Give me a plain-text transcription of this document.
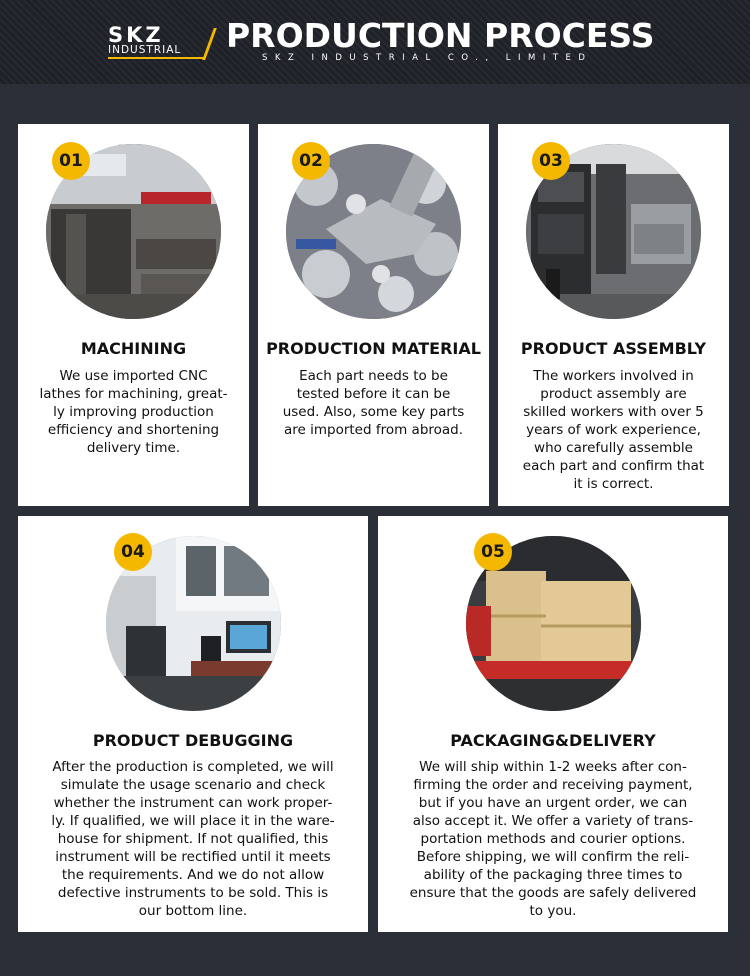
SKZ
INDUSTRIAL PRODUCTION PROCESS
SKZ INDUSTRIAL CO., LIMITED
01
MACHINING
We use imported CNC
lathes for machining, great-
ly improving production
efficiency and shortening
delivery time.
02
PRODUCTION MATERIAL
Each part needs to be
tested before it can be
used. Also, some key parts
are imported from abroad.
03
PRODUCT ASSEMBLY
The workers involved in
product assembly are
skilled workers with over 5
years of work experience,
who carefully assemble
each part and confirm that
it is correct.
04
PRODUCT DEBUGGING
After the production is completed, we will
simulate the usage scenario and check
whether the instrument can work proper-
ly. If qualified, we will place it in the ware-
house for shipment. If not qualified, this
instrument will be rectified until it meets
the requirements. And we do not allow
defective instruments to be sold. This is
our bottom line.
05
PACKAGING&DELIVERY
We will ship within 1-2 weeks after con-
firming the order and receiving payment,
but if you have an urgent order, we can
also accept it. We offer a variety of trans-
portation methods and courier options.
Before shipping, we will confirm the reli-
ability of the packaging three times to
ensure that the goods are safely delivered
to you.
